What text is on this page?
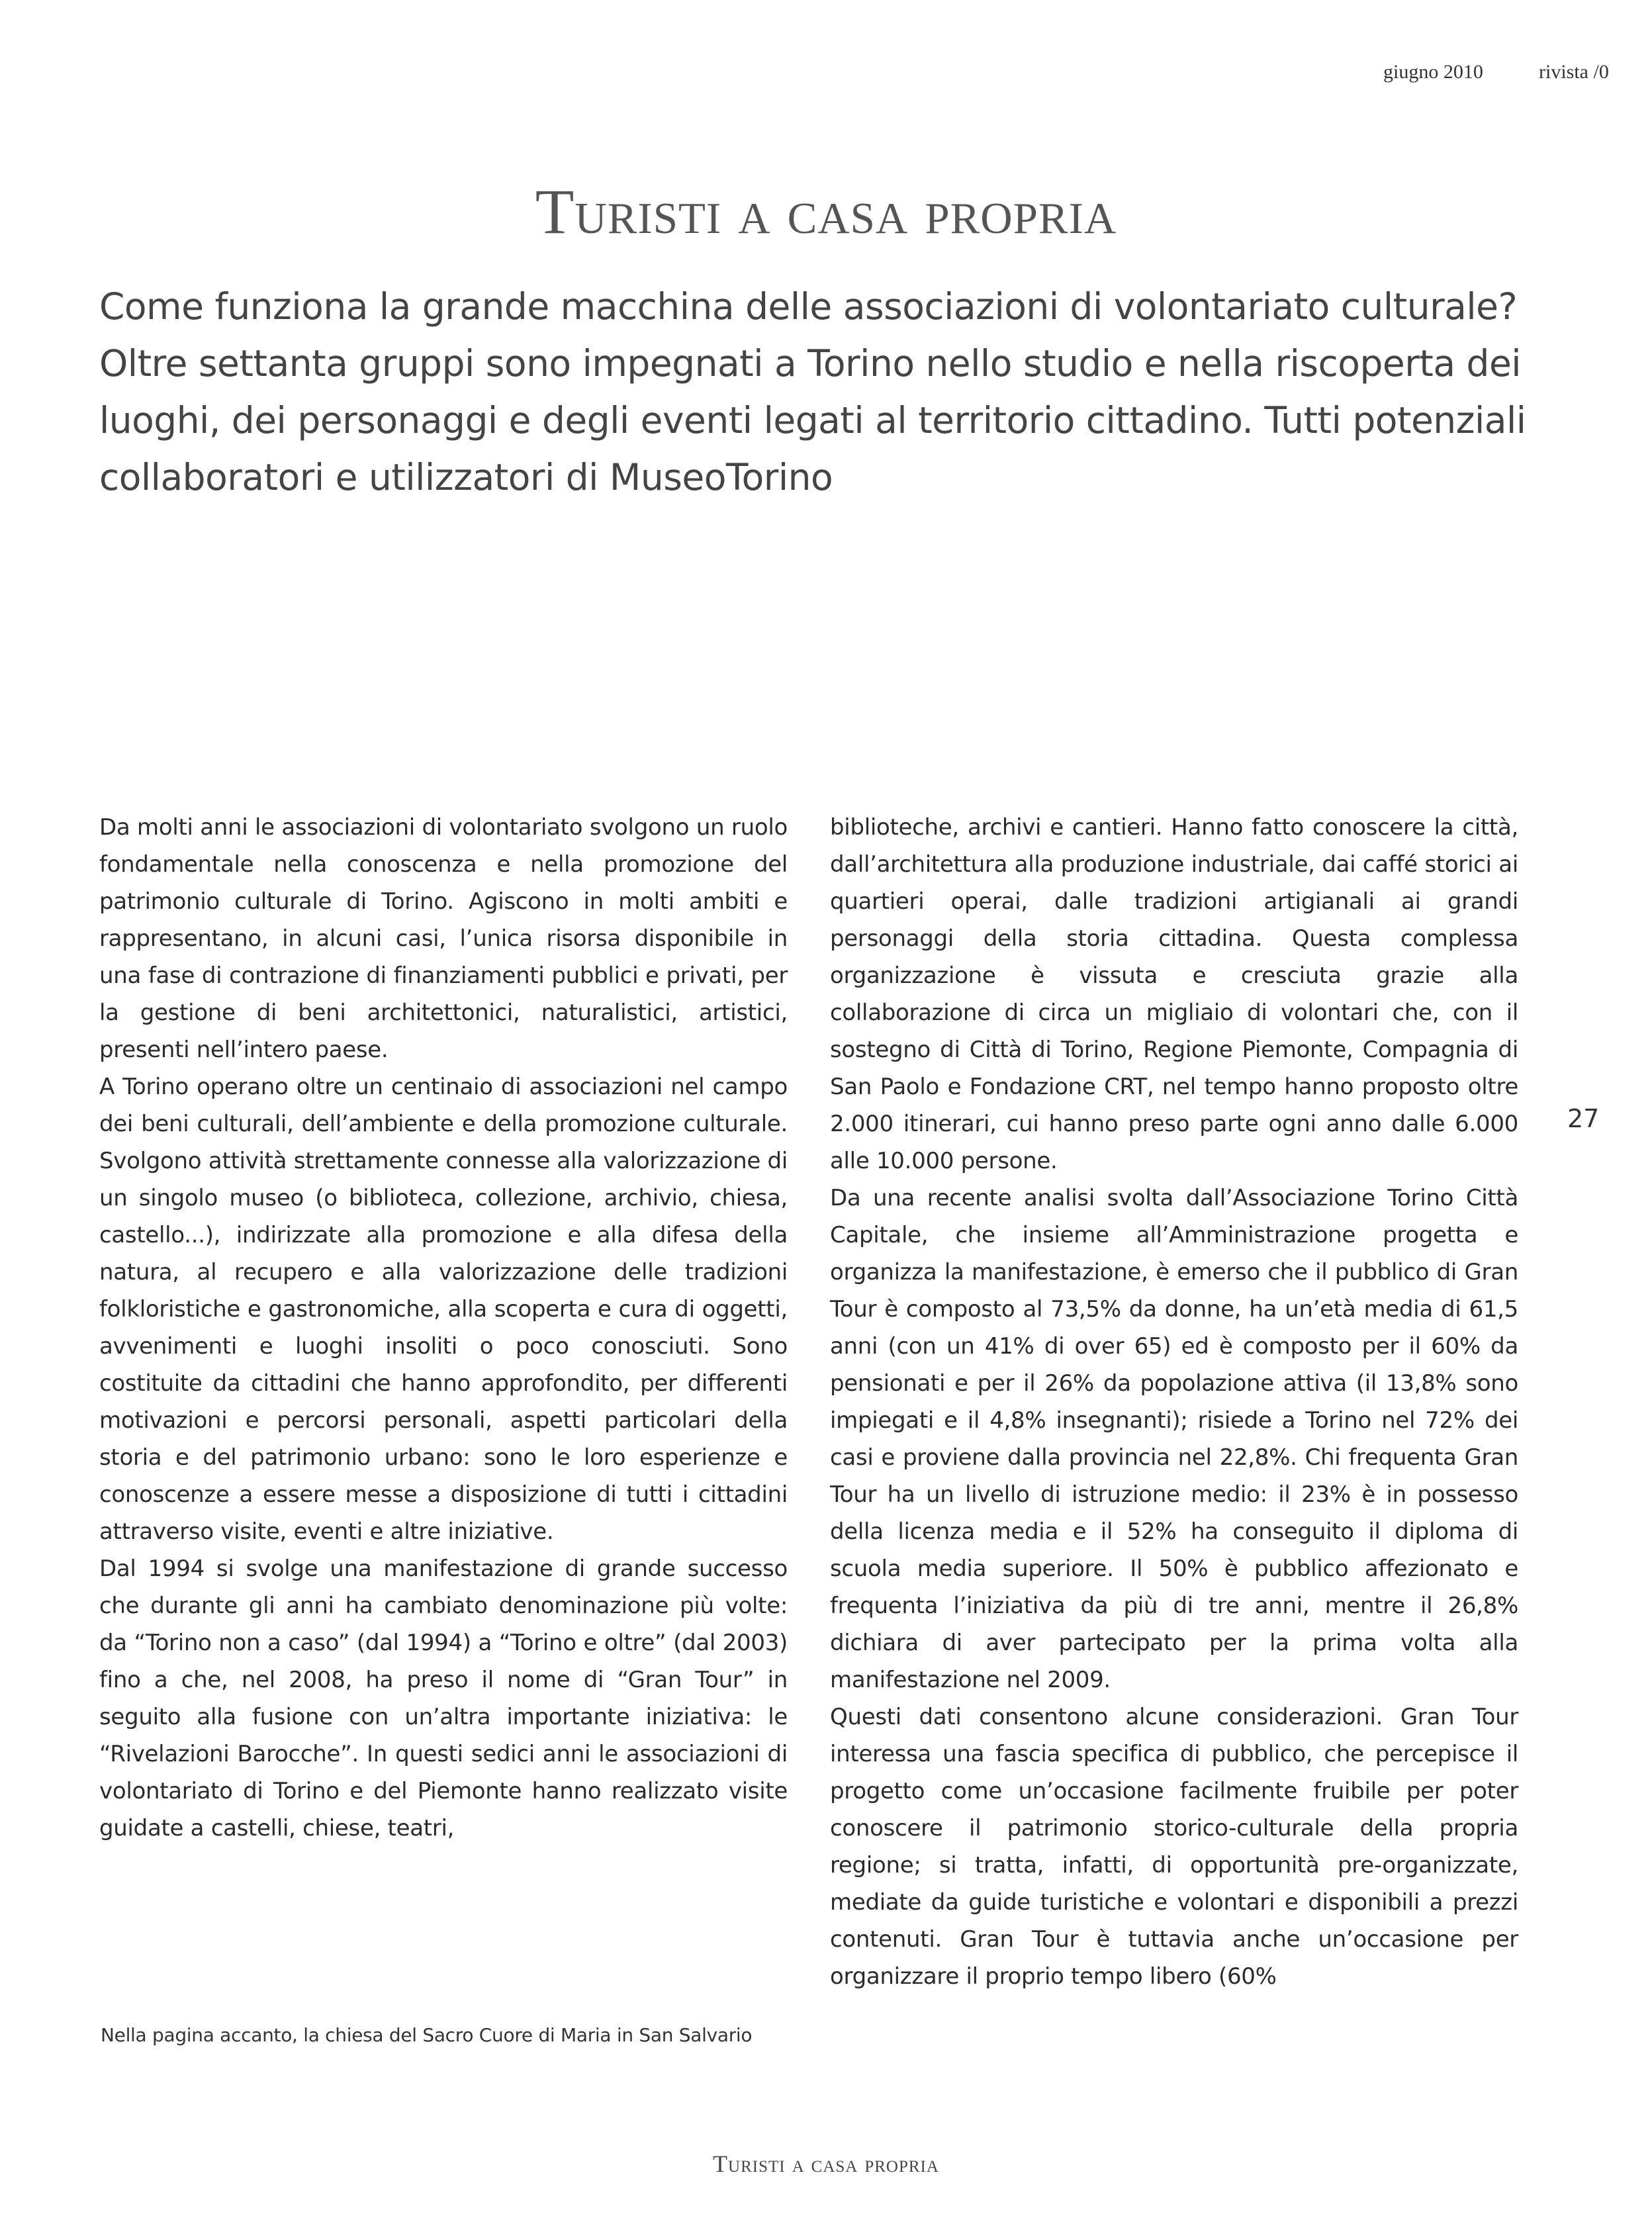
giugno 2010	rivista /0
Turisti a casa propria
Come funziona la grande macchina delle associazioni di volontariato culturale? Oltre settanta gruppi sono impegnati a Torino nello studio e nella riscoperta dei luoghi, dei personaggi e degli eventi legati al territorio cittadino. Tutti potenziali collaboratori e utilizzatori di MuseoTorino

Da molti anni le associazioni di volontariato svolgono un ruolo fondamentale nella conoscenza e nella promozione del patrimonio culturale di Torino. Agiscono in molti ambiti e rappresentano, in alcuni casi, l’unica risorsa disponibile in una fase di contrazione di finanziamenti pubblici e privati, per la gestione di beni architettonici, naturalistici, artistici, presenti nell’intero paese.

A Torino operano oltre un centinaio di associazioni nel campo dei beni culturali, dell’ambiente e della promozione culturale. Svolgono attività strettamente connesse alla valorizzazione di un singolo museo (o biblioteca, collezione, archivio, chiesa, castello...), indirizzate alla promozione e alla difesa della natura, al recupero e alla valorizzazione delle tradizioni folkloristiche e gastronomiche, alla scoperta e cura di oggetti, avvenimenti e luoghi insoliti o poco conosciuti. Sono costituite da cittadini che hanno approfondito, per differenti motivazioni e percorsi personali, aspetti particolari della storia e del patrimonio urbano: sono le loro esperienze e conoscenze a essere messe a disposizione di tutti i cittadini attraverso visite, eventi e altre iniziative.

Dal 1994 si svolge una manifestazione di grande successo che durante gli anni ha cambiato denominazione più volte: da “Torino non a caso” (dal 1994) a “Torino e oltre” (dal 2003) fino a che, nel 2008, ha preso il nome di “Gran Tour” in seguito alla fusione con un’altra importante iniziativa: le “Rivelazioni Barocche”. In questi sedici anni le associazioni di volontariato di Torino e del Piemonte hanno realizzato visite guidate a castelli, chiese, teatri,

biblioteche, archivi e cantieri. Hanno fatto conoscere la città, dall’architettura alla produzione industriale, dai caffé storici ai quartieri operai, dalle tradizioni artigianali ai grandi personaggi della storia cittadina. Questa complessa organizzazione è vissuta e cresciuta grazie alla collaborazione di circa un migliaio di volontari che, con il sostegno di Città di Torino, Regione Piemonte, Compagnia di San Paolo e Fondazione CRT, nel tempo hanno proposto oltre 2.000 itinerari, cui hanno preso parte ogni anno dalle 6.000 alle 10.000 persone.

Da una recente analisi svolta dall’Associazione Torino Città Capitale, che insieme all’Amministrazione progetta e organizza la manifestazione, è emerso che il pubblico di Gran Tour è composto al 73,5% da donne, ha un’età media di 61,5 anni (con un 41% di over 65) ed è composto per il 60% da pensionati e per il 26% da popolazione attiva (il 13,8% sono impiegati e il 4,8% insegnanti); risiede a Torino nel 72% dei casi e proviene dalla provincia nel 22,8%. Chi frequenta Gran Tour ha un livello di istruzione medio: il 23% è in possesso della licenza media e il 52% ha conseguito il diploma di scuola media superiore. Il 50% è pubblico affezionato e frequenta l’iniziativa da più di tre anni, mentre il 26,8% dichiara di aver partecipato per la prima volta alla manifestazione nel 2009.

Questi dati consentono alcune considerazioni. Gran Tour interessa una fascia specifica di pubblico, che percepisce il progetto come un’occasione facilmente fruibile per poter conoscere il patrimonio storico-culturale della propria regione; si tratta, infatti, di opportunità pre-organizzate, mediate da guide turistiche e volontari e disponibili a prezzi contenuti. Gran Tour è tuttavia anche un’occasione per organizzare il proprio tempo libero (60%

Nella pagina accanto, la chiesa del Sacro Cuore di Maria in San Salvario
27
Turisti a casa propria
